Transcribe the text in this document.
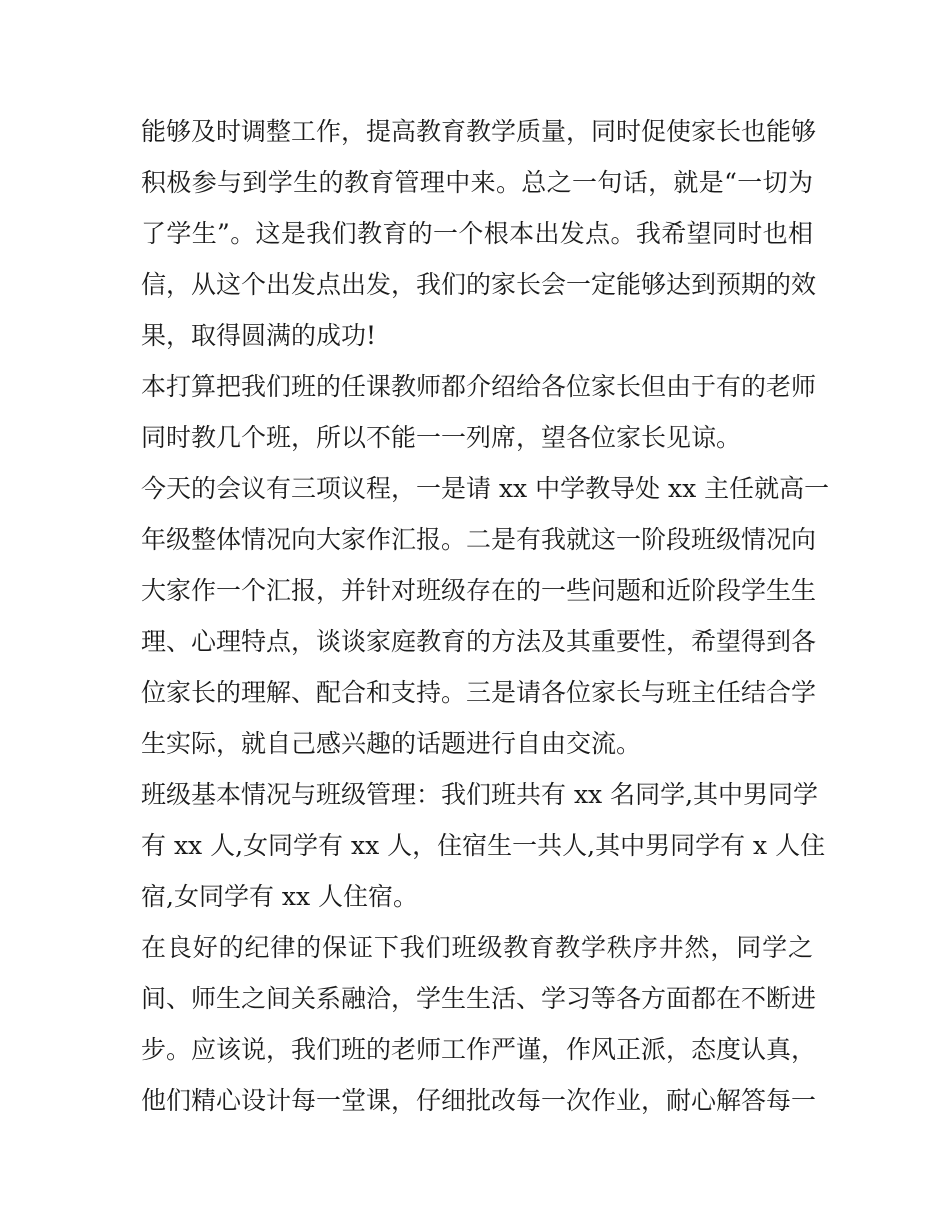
能够及时调整工作，提高教育教学质量，同时促使家长也能够
积极参与到学生的教育管理中来。总之一句话，就是“一切为
了学生”。这是我们教育的一个根本出发点。我希望同时也相
信，从这个出发点出发，我们的家长会一定能够达到预期的效
果，取得圆满的成功!
本打算把我们班的任课教师都介绍给各位家长但由于有的老师
同时教几个班，所以不能一一列席，望各位家长见谅。
今天的会议有三项议程，一是请 xx 中学教导处 xx 主任就高一
年级整体情况向大家作汇报。二是有我就这一阶段班级情况向
大家作一个汇报，并针对班级存在的一些问题和近阶段学生生
理、心理特点，谈谈家庭教育的方法及其重要性，希望得到各
位家长的理解、配合和支持。三是请各位家长与班主任结合学
生实际，就自己感兴趣的话题进行自由交流。
班级基本情况与班级管理：我们班共有 xx 名同学,其中男同学
有 xx 人,女同学有 xx 人，住宿生一共人,其中男同学有 x 人住
宿,女同学有 xx 人住宿。
在良好的纪律的保证下我们班级教育教学秩序井然，同学之
间、师生之间关系融洽，学生生活、学习等各方面都在不断进
步。应该说，我们班的老师工作严谨，作风正派，态度认真，
他们精心设计每一堂课，仔细批改每一次作业，耐心解答每一
